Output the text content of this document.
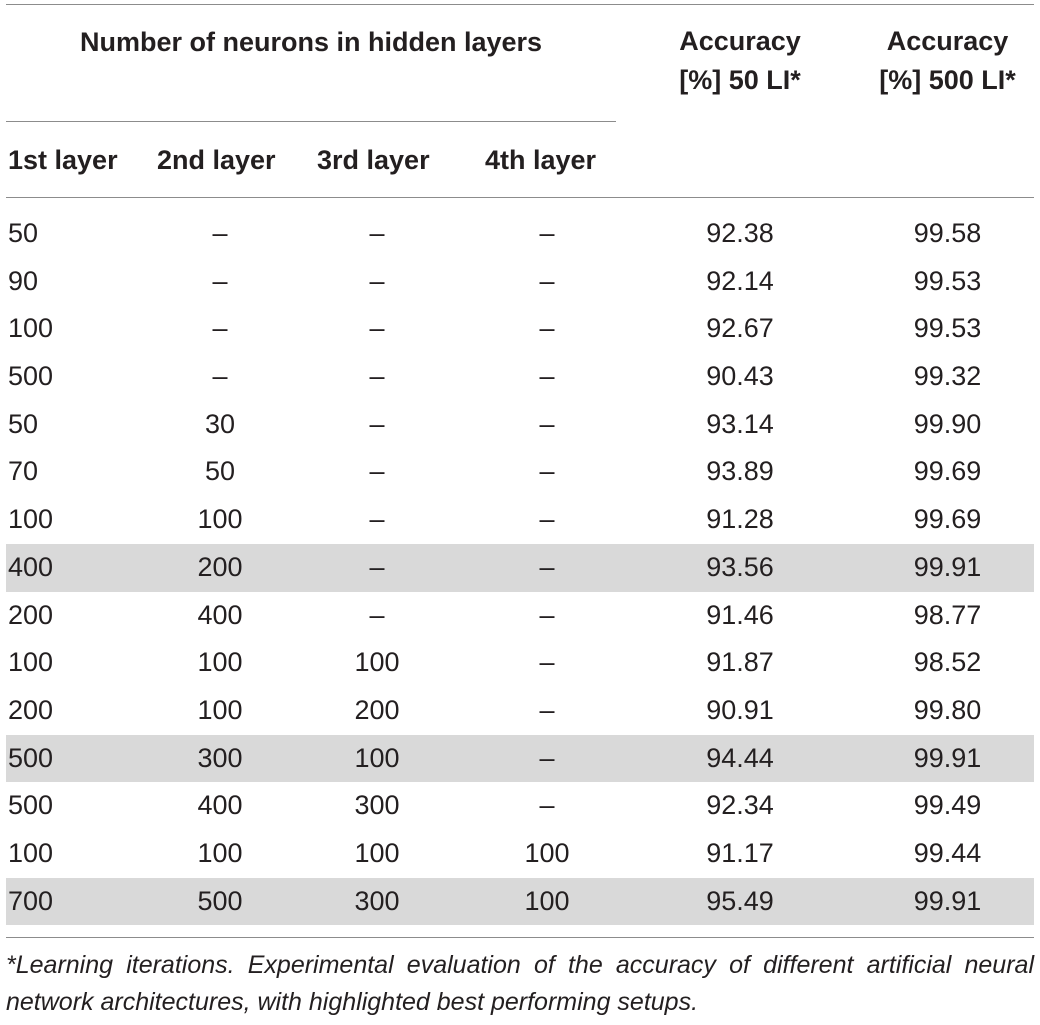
Number of neurons in hidden layers	Accuracy
[%] 50 LI*
Accuracy
[%] 500 LI*
1st layer 2nd layer 3rd layer 4th layer
50	–	–	–	92.38	99.58
90	–	–	–	92.14	99.53
100	–	–	–	92.67	99.53
500	–	–	–	90.43	99.32
50	30	–	–	93.14	99.90
70	50	–	–	93.89	99.69
100	100	–	–	91.28	99.69
400	200	–	–	93.56	99.91
200	400	–	–	91.46	98.77
100	100	100	–	91.87	98.52
200	100	200	–	90.91	99.80
500	300	100	–	94.44	99.91
500	400	300	–	92.34	99.49
100	100	100	100	91.17	99.44
700	500	300	100	95.49	99.91
*Learning iterations. Experimental evaluation of the accuracy of different artificial neural network architectures, with highlighted best performing setups.
